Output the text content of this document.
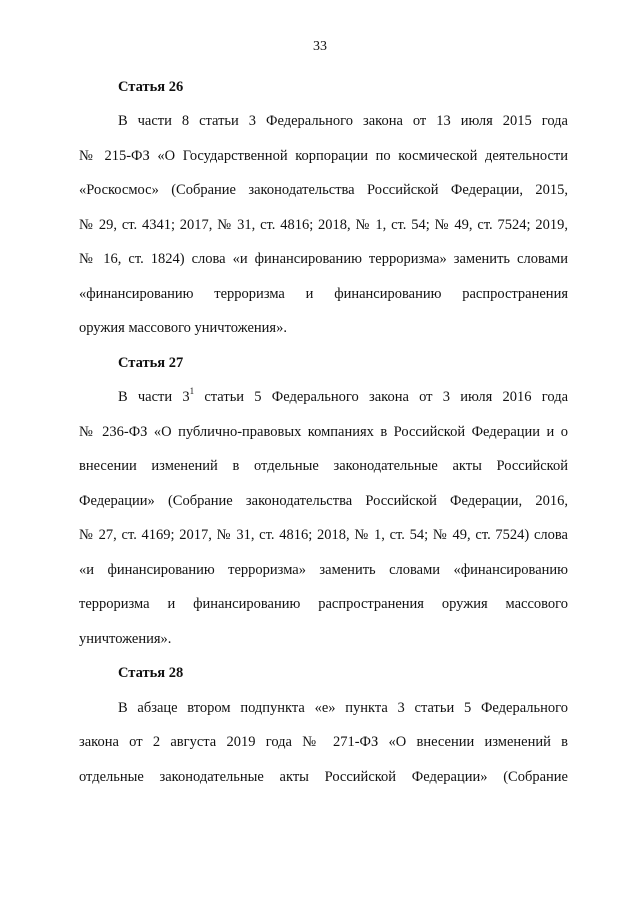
33
Статья 26
В части 8 статьи 3 Федерального закона от 13 июля 2015 года
№ 215-ФЗ «О Государственной корпорации по космической деятельности
«Роскосмос» (Собрание законодательства Российской Федерации, 2015,
№ 29, ст. 4341; 2017, № 31, ст. 4816; 2018, № 1, ст. 54; № 49, ст. 7524; 2019,
№ 16, ст. 1824) слова «и финансированию терроризма» заменить словами
«финансированию терроризма и финансированию распространения
оружия массового уничтожения».
Статья 27
В части $3^1$ статьи 5 Федерального закона от 3 июля 2016 года
№ 236-ФЗ «О публично-правовых компаниях в Российской Федерации и о
внесении изменений в отдельные законодательные акты Российской
Федерации» (Собрание законодательства Российской Федерации, 2016,
№ 27, ст. 4169; 2017, № 31, ст. 4816; 2018, № 1, ст. 54; № 49, ст. 7524) слова
«и финансированию терроризма» заменить словами «финансированию
терроризма и финансированию распространения оружия массового
уничтожения».
Статья 28
В абзаце втором подпункта «е» пункта 3 статьи 5 Федерального
закона от 2 августа 2019 года № 271-ФЗ «О внесении изменений в
отдельные законодательные акты Российской Федерации» (Собрание
